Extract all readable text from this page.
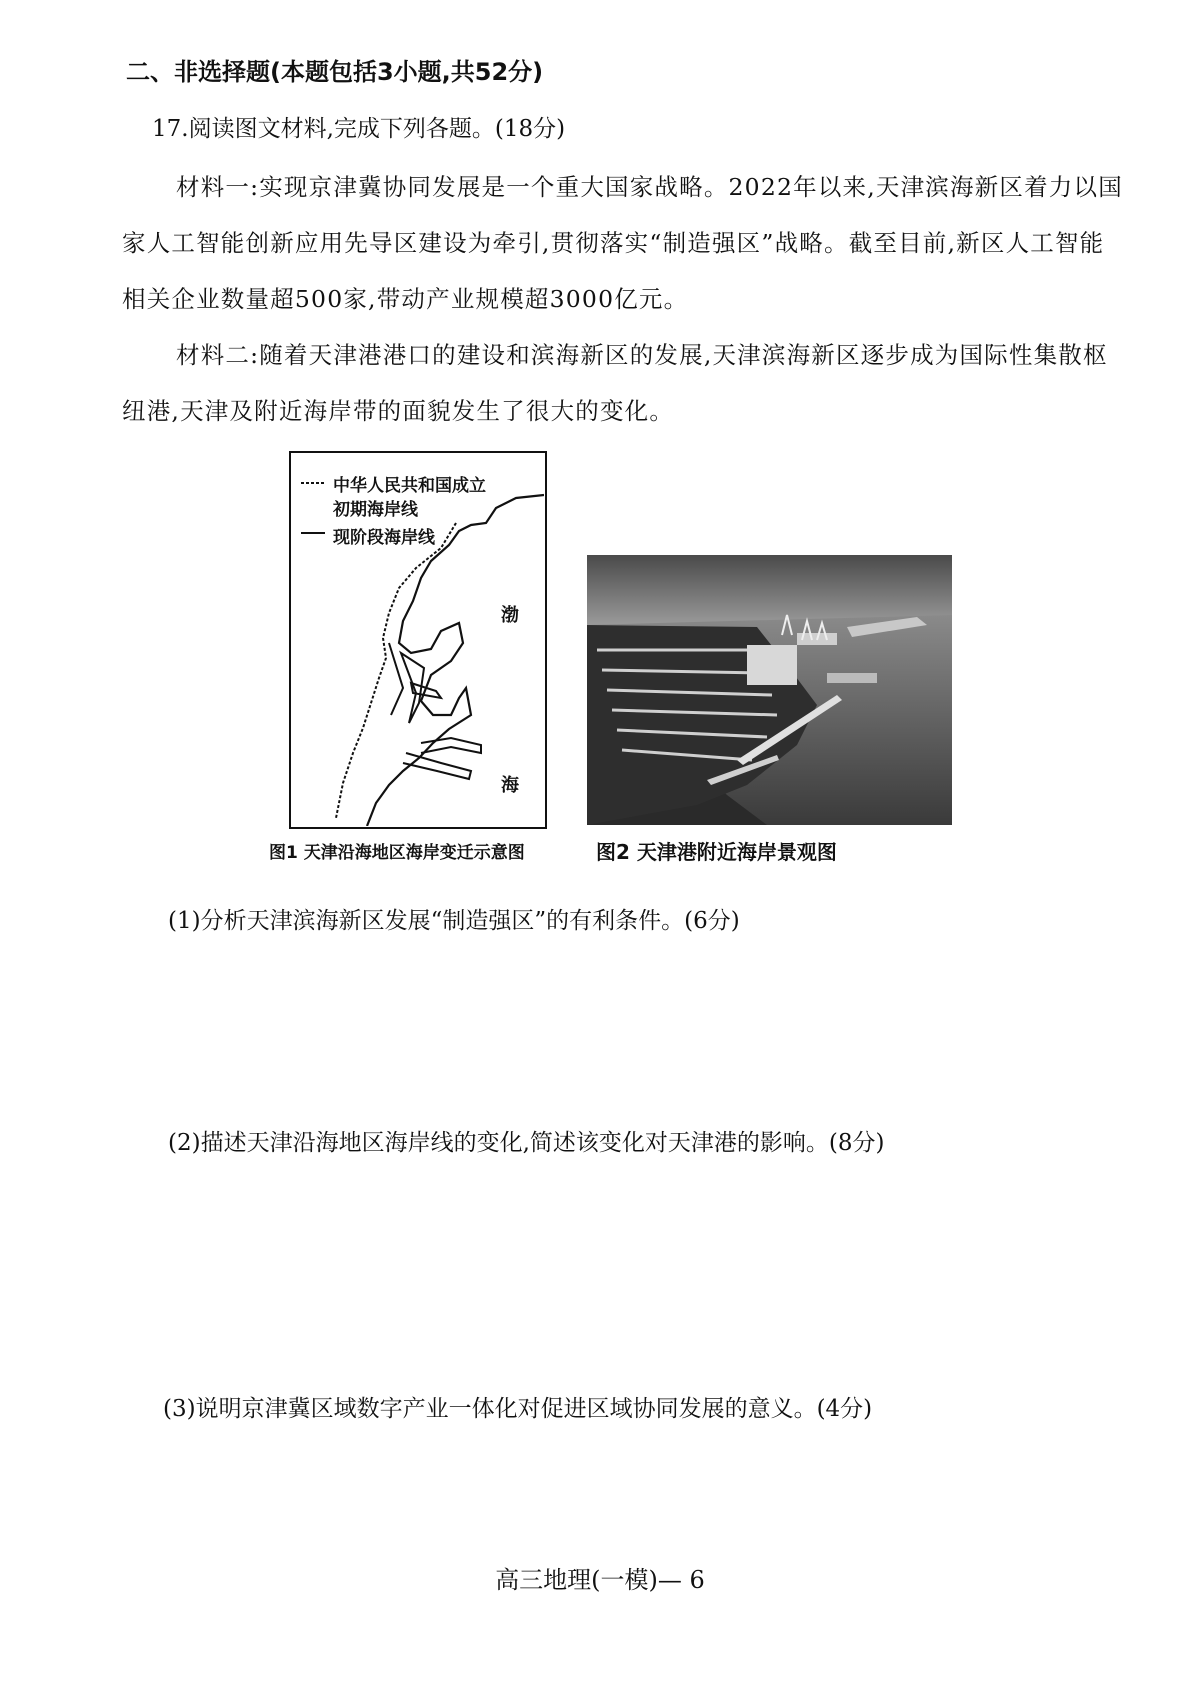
二、非选择题(本题包括3小题,共52分)
17.阅读图文材料,完成下列各题。(18分)
材料一:实现京津冀协同发展是一个重大国家战略。2022年以来,天津滨海新区着力以国
家人工智能创新应用先导区建设为牵引,贯彻落实“制造强区”战略。截至目前,新区人工智能
相关企业数量超500家,带动产业规模超3000亿元。
材料二:随着天津港港口的建设和滨海新区的发展,天津滨海新区逐步成为国际性集散枢
纽港,天津及附近海岸带的面貌发生了很大的变化。
中华人民共和国成立
初期海岸线
现阶段海岸线
渤
海
图1 天津沿海地区海岸变迁示意图	图2 天津港附近海岸景观图
(1)分析天津滨海新区发展“制造强区”的有利条件。(6分)
(2)描述天津沿海地区海岸线的变化,简述该变化对天津港的影响。(8分)
(3)说明京津冀区域数字产业一体化对促进区域协同发展的意义。(4分)
高三地理(一模)— 6
